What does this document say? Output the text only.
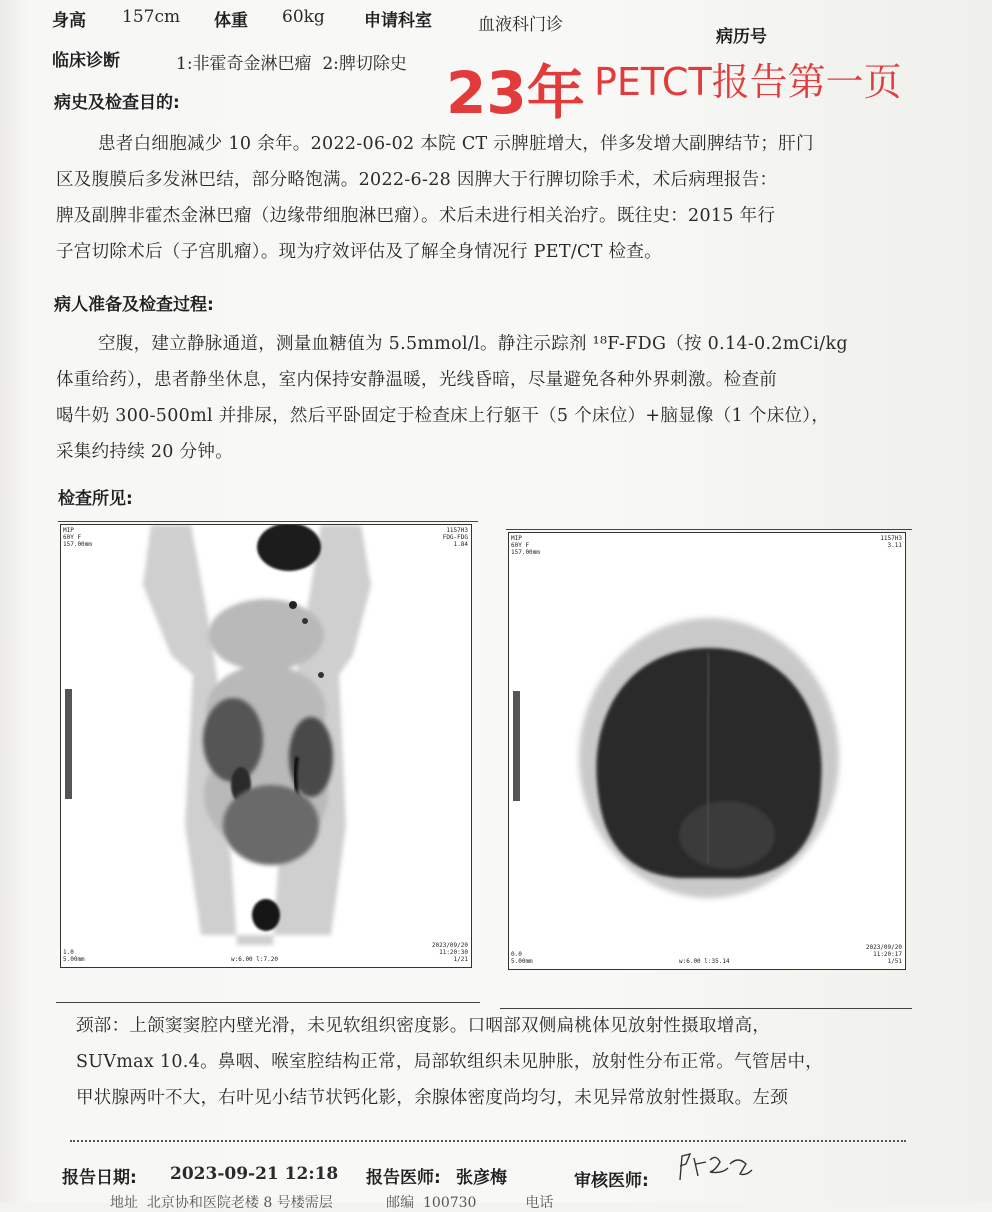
身高 157cm 体重 60kg 申请科室	血液科门诊
病历号
临床诊断	1:非霍奇金淋巴瘤  2:脾切除史 23年 PETCT报告第一页
病史及检查目的:

患者白细胞减少 10 余年。2022-06-02 本院 CT 示脾脏增大，伴多发增大副脾结节；肝门

区及腹膜后多发淋巴结，部分略饱满。2022-6-28 因脾大于行脾切除手术，术后病理报告：

脾及副脾非霍杰金淋巴瘤（边缘带细胞淋巴瘤）。术后未进行相关治疗。既往史：2015 年行

子宫切除术后（子宫肌瘤）。现为疗效评估及了解全身情况行 PET/CT 检查。

病人准备及检查过程:

空腹，建立静脉通道，测量血糖值为 5.5mmol/l。静注示踪剂 ¹⁸F-FDG（按 0.14-0.2mCi/kg

体重给药），患者静坐休息，室内保持安静温暖，光线昏暗，尽量避免各种外界刺激。检查前

喝牛奶 300-500ml 并排尿，然后平卧固定于检查床上行躯干（5 个床位）+脑显像（1 个床位），

采集约持续 20 分钟。

检查所见:
MIP
60Y F
157.00mm
1157H3
FDG-FDG
1.84
1.0
5.00mm	w:6.00 l:7.20
2023/09/20
11:20:30
1/21
MIP
60Y F
157.00mm
1157H3
3.11
0.0
5.00mm	w:6.00 l:35.14
2023/09/20
11:20:17
1/51

颈部：上颌窦窦腔内壁光滑，未见软组织密度影。口咽部双侧扁桃体见放射性摄取增高，

SUVmax 10.4。鼻咽、喉室腔结构正常，局部软组织未见肿胀，放射性分布正常。气管居中，

甲状腺两叶不大，右叶见小结节状钙化影，余腺体密度尚均匀，未见异常放射性摄取。左颈

报告日期: 2023-09-21 12:18 报告医师: 张彦梅	审核医师:
地址  北京协和医院老楼 8 号楼需层            邮编  100730           电话
